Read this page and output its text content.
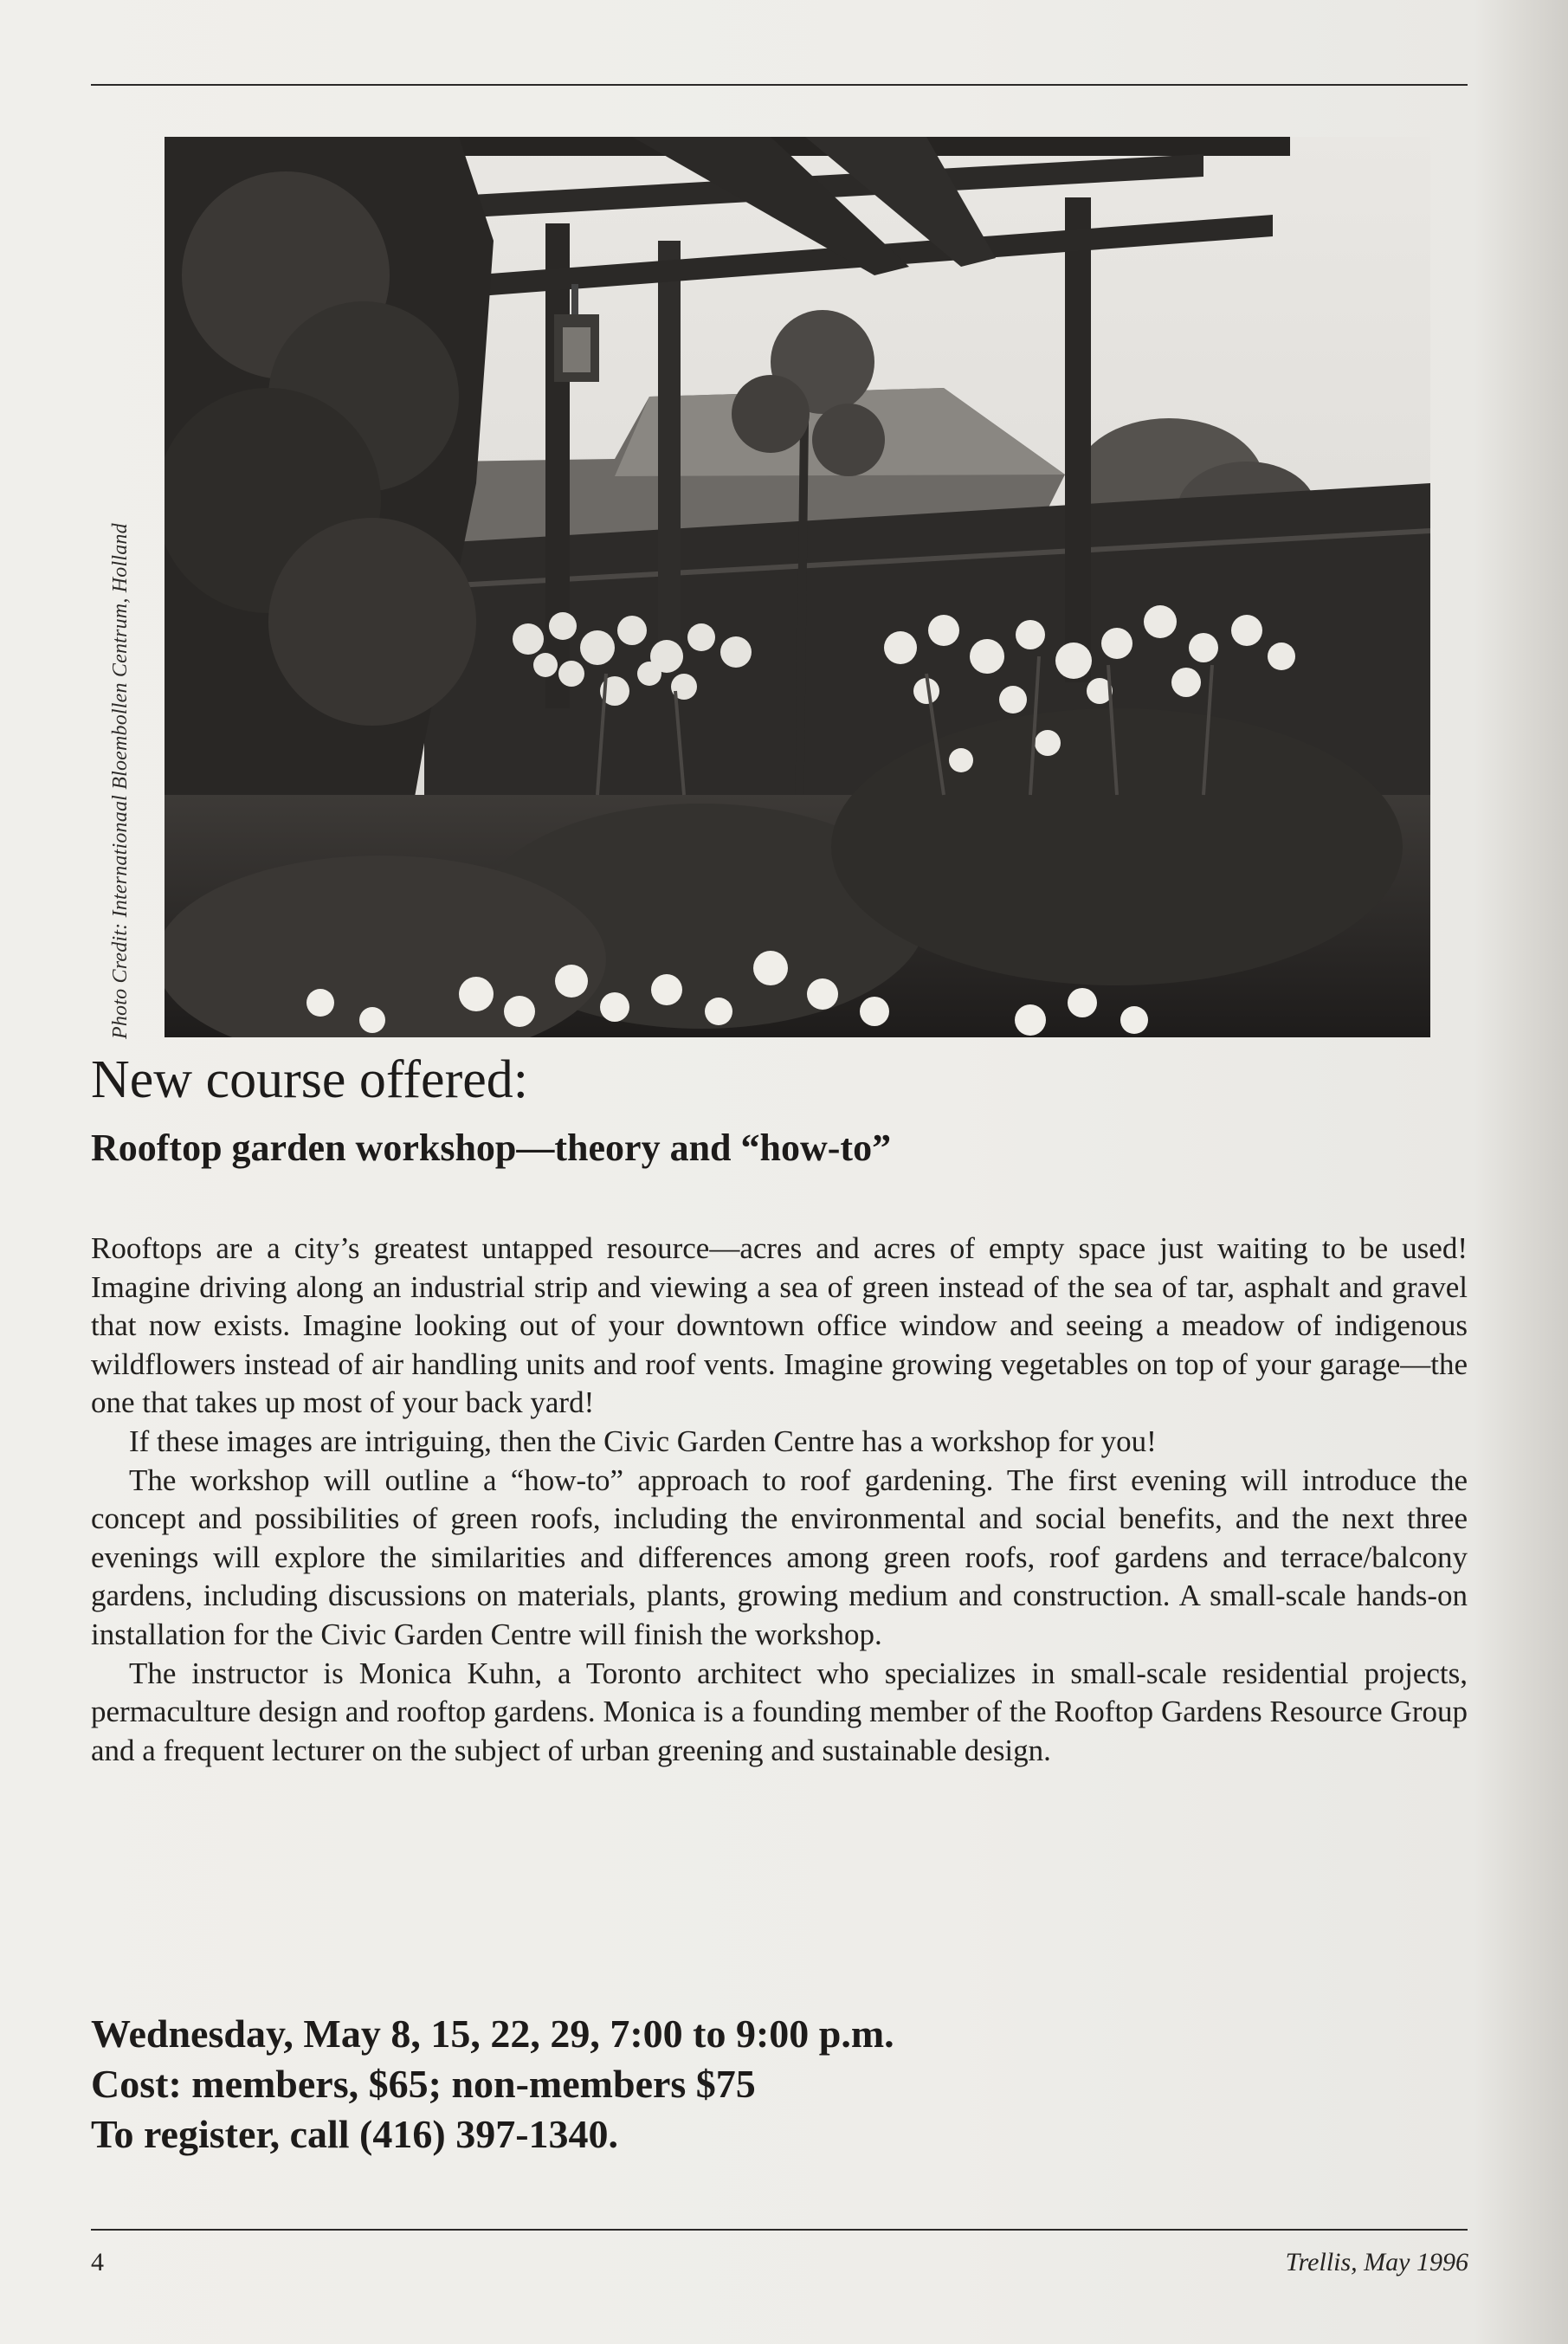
Photo Credit: Internationaal Bloembollen Centrum, Holland
New course offered:
Rooftop garden workshop—theory and “how-to”

Rooftops are a city’s greatest untapped resource—acres and acres of empty space just waiting to be used! Imagine driving along an industrial strip and viewing a sea of green instead of the sea of tar, asphalt and gravel that now exists. Imagine looking out of your downtown office window and seeing a meadow of indigenous wildflowers instead of air handling units and roof vents. Imagine growing vegetables on top of your garage—the one that takes up most of your back yard!

If these images are intriguing, then the Civic Garden Centre has a workshop for you!

The workshop will outline a “how-to” approach to roof gardening. The first evening will introduce the concept and possibilities of green roofs, including the environmental and social benefits, and the next three evenings will explore the similarities and differences among green roofs, roof gardens and terrace/balcony gardens, including discussions on materials, plants, growing medium and construction. A small-scale hands-on installation for the Civic Garden Centre will finish the workshop.

The instructor is Monica Kuhn, a Toronto architect who specializes in small-scale residential projects, permaculture design and rooftop gardens. Monica is a founding member of the Rooftop Gardens Resource Group and a frequent lecturer on the subject of urban greening and sustainable design.

Wednesday, May 8, 15, 22, 29, 7:00 to 9:00 p.m.
Cost: members, $65; non-members $75
To register, call (416) 397-1340.
4	Trellis, May 1996
